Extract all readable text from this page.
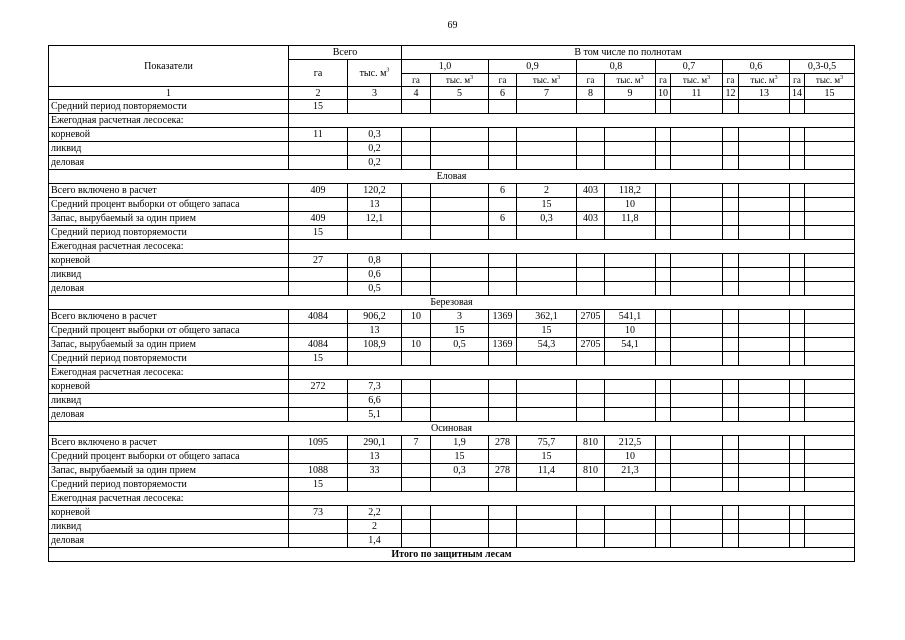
69
Показатели	Всего		В том числе по полнотам											
	га	тыс. $м^3$	1,0		0,9		0,8		0,7		0,6		0,3-0,5	
			га	тыс. $м^3$	га	тыс. $м^3$	га	тыс. $м^3$	га	тыс. $м^3$	га	тыс. $м^3$	га	тыс. $м^3$
1	2	3	4	5	6	7	8	9	10	11	12	13	14	15
Средний период повторяемости	15													
Ежегодная расчетная лесосека:														
корневой	11	0,3												
ликвид		0,2												
деловая		0,2												
Еловая														
Всего включено в расчет	409	120,2			6	2	403	118,2						
Средний процент выборки от общего запаса		13				15		10						
Запас, вырубаемый за один прием	409	12,1			6	0,3	403	11,8						
Средний период повторяемости	15													
Ежегодная расчетная лесосека:														
корневой	27	0,8												
ликвид		0,6												
деловая		0,5												
Березовая														
Всего включено в расчет	4084	906,2	10	3	1369	362,1	2705	541,1						
Средний процент выборки от общего запаса		13		15		15		10						
Запас, вырубаемый за один прием	4084	108,9	10	0,5	1369	54,3	2705	54,1						
Средний период повторяемости	15													
Ежегодная расчетная лесосека:														
корневой	272	7,3												
ликвид		6,6												
деловая		5,1												
Осиновая														
Всего включено в расчет	1095	290,1	7	1,9	278	75,7	810	212,5						
Средний процент выборки от общего запаса		13		15		15		10						
Запас, вырубаемый за один прием	1088	33		0,3	278	11,4	810	21,3						
Средний период повторяемости	15													
Ежегодная расчетная лесосека:														
корневой	73	2,2												
ликвид		2												
деловая		1,4												
Итого по защитным лесам														
